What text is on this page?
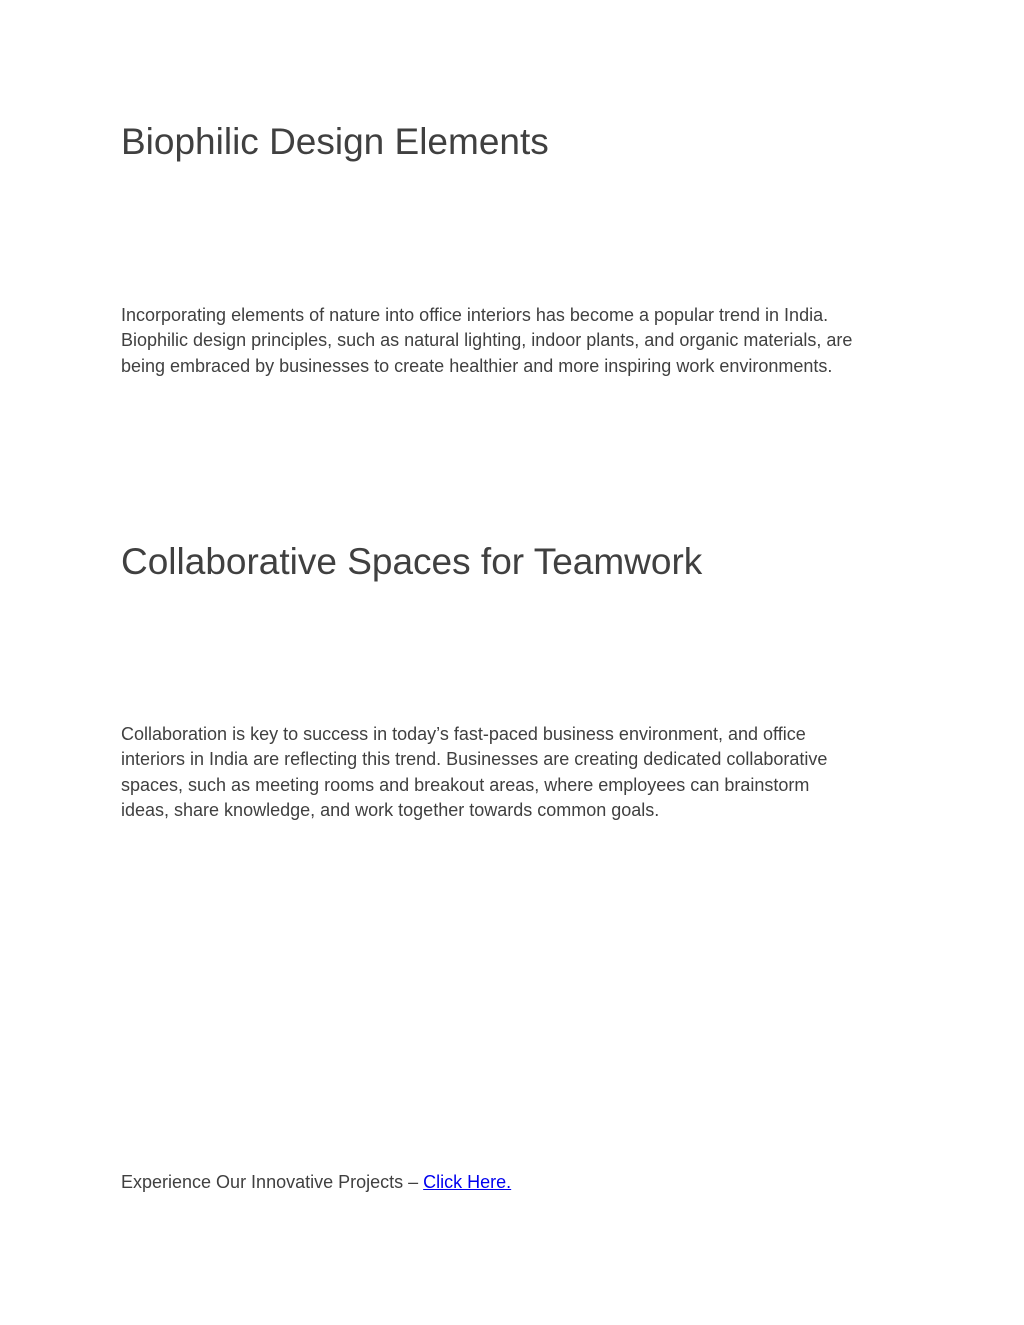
Biophilic Design Elements

Incorporating elements of nature into office interiors has become a popular trend in India.
Biophilic design principles, such as natural lighting, indoor plants, and organic materials, are
being embraced by businesses to create healthier and more inspiring work environments.

Collaborative Spaces for Teamwork

Collaboration is key to success in today’s fast-paced business environment, and office
interiors in India are reflecting this trend. Businesses are creating dedicated collaborative
spaces, such as meeting rooms and breakout areas, where employees can brainstorm
ideas, share knowledge, and work together towards common goals.

Experience Our Innovative Projects – Click Here.
